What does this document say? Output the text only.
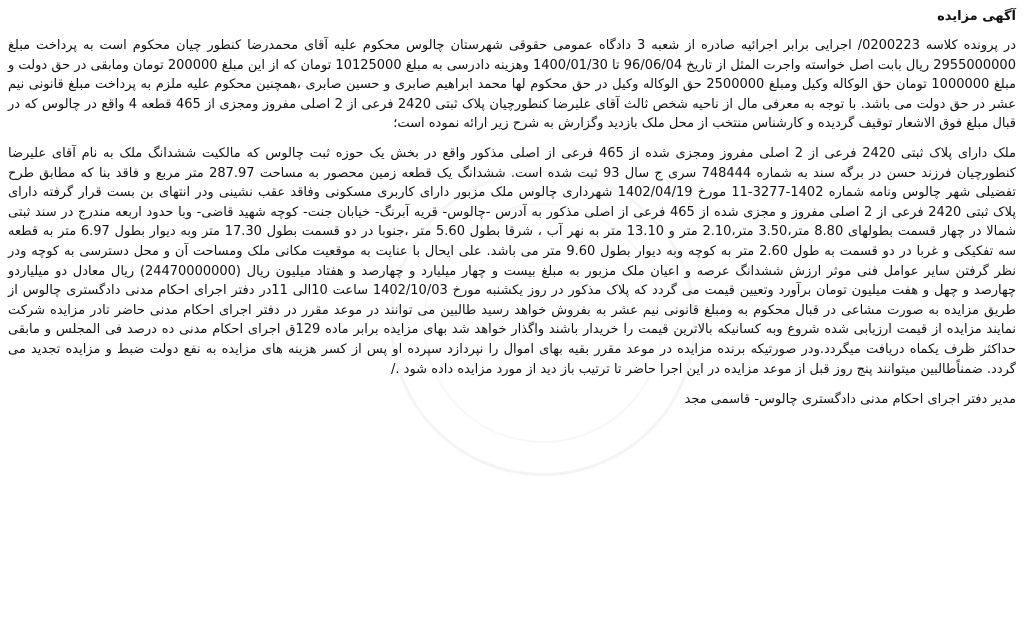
آگهی مزایده

در پرونده کلاسه 0200223/ اجرایی برابر اجرائیه صادره از شعبه 3 دادگاه عمومی حقوقی شهرستان چالوس محکوم علیه آقای محمدرضا کنطور چیان محکوم است به پرداخت مبلغ 2955000000 ریال بابت اصل خواسته واجرت المثل از تاریخ 96/06/04 تا 1400/01/30 وهزینه دادرسی به مبلغ 10125000 تومان که از این مبلغ 200000 تومان ومابقی در حق دولت و مبلغ 1000000 تومان حق الوکاله وکیل ومبلغ 2500000 حق الوکاله وکیل در حق محکوم لها محمد ابراهیم صابری و حسین صابری ،همچنین محکوم علیه ملزم به پرداخت مبلغ قانونی نیم عشر در حق دولت می باشد. با توجه به معرفی مال از ناحیه شخص ثالث آقای علیرضا کنطورچیان پلاک ثبتی 2420 فرعی از 2 اصلی مفروز ومجزی از 465 قطعه 4 واقع در چالوس که در قبال مبلغ فوق الاشعار توقیف گردیده و کارشناس منتخب از محل ملک بازدید وگزارش به شرح زیر ارائه نموده است؛

ملک دارای پلاک ثبتی 2420 فرعی از 2 اصلی مفروز ومجزی شده از 465 فرعی از اصلی مذکور واقع در بخش یک حوزه ثبت چالوس که مالکیت ششدانگ ملک به نام آقای علیرضا کنطورچیان فرزند حسن در برگه سند به شماره 748444 سری ج سال 93 ثبت شده است. ششدانگ یک قطعه زمین محصور به مساحت 287.97 متر مربع و فاقد بنا که مطابق طرح تفضیلی شهر چالوس ونامه شماره 1402-3277-11 مورخ 1402/04/19 شهرداری چالوس ملک مزبور دارای کاربری مسکونی وفاقد عقب نشینی ودر انتهای بن بست قرار گرفته دارای پلاک ثبتی 2420 فرعی از 2 اصلی مفروز و مجزی شده از 465 فرعی از اصلی مذکور به آدرس -چالوس- قریه آبرنگ- خیابان جنت- کوچه شهید قاضی- وبا حدود اربعه مندرج در سند ثبتی شمالا در چهار قسمت بطولهای 8.80 متر،3.50 متر،2.10 متر و 13.10 متر به نهر آب ، شرقا بطول 5.60 متر ،جنوبا در دو قسمت بطول 17.30 متر وبه دیوار بطول 6.97 متر به قطعه سه تفکیکی و غربا در دو قسمت به طول 2.60 متر به کوچه وبه دیوار بطول 9.60 متر می باشد. علی ایحال با عنایت به موقعیت مکانی ملک ومساحت آن و محل دسترسی به کوچه ودر نظر گرفتن سایر عوامل فنی موثر ارزش ششدانگ عرصه و اعیان ملک مزبور به مبلغ بیست و چهار میلیارد و چهارصد و هفتاد میلیون ریال (24470000000) ریال معادل دو میلیاردو چهارصد و چهل و هفت میلیون تومان برآورد وتعیین قیمت می گردد که پلاک مذکور در روز یکشنبه مورخ 1402/10/03 ساعت 10الی 11در دفتر اجرای احکام مدنی دادگستری چالوس از طریق مزایده به صورت مشاعی در قبال محکوم به ومبلغ قانونی نیم عشر به بفروش خواهد رسید طالبین می توانند در موعد مقرر در دفتر اجرای احکام مدنی حاضر تادر مزایده شرکت نمایند مزایده از قیمت ارزیابی شده شروع وبه کسانیکه بالاترین قیمت را خریدار باشند واگذار خواهد شد بهای مزایده برابر ماده 129ق اجرای احکام مدنی ده درصد فی المجلس و مابقی حداکثر ظرف یکماه دریافت میگردد.ودر صورتیکه برنده مزایده در موعد مقرر بقیه بهای اموال را نپردازد سپرده او پس از کسر هزینه های مزایده به نفع دولت ضبط و مزایده تجدید می گردد. ضمناًطالبین میتوانند پنج روز قبل از موعد مزایده در این اجرا حاضر تا ترتیب باز دید از مورد مزایده داده شود ./

مدیر دفتر اجرای احکام مدنی دادگستری چالوس- قاسمی مجد
